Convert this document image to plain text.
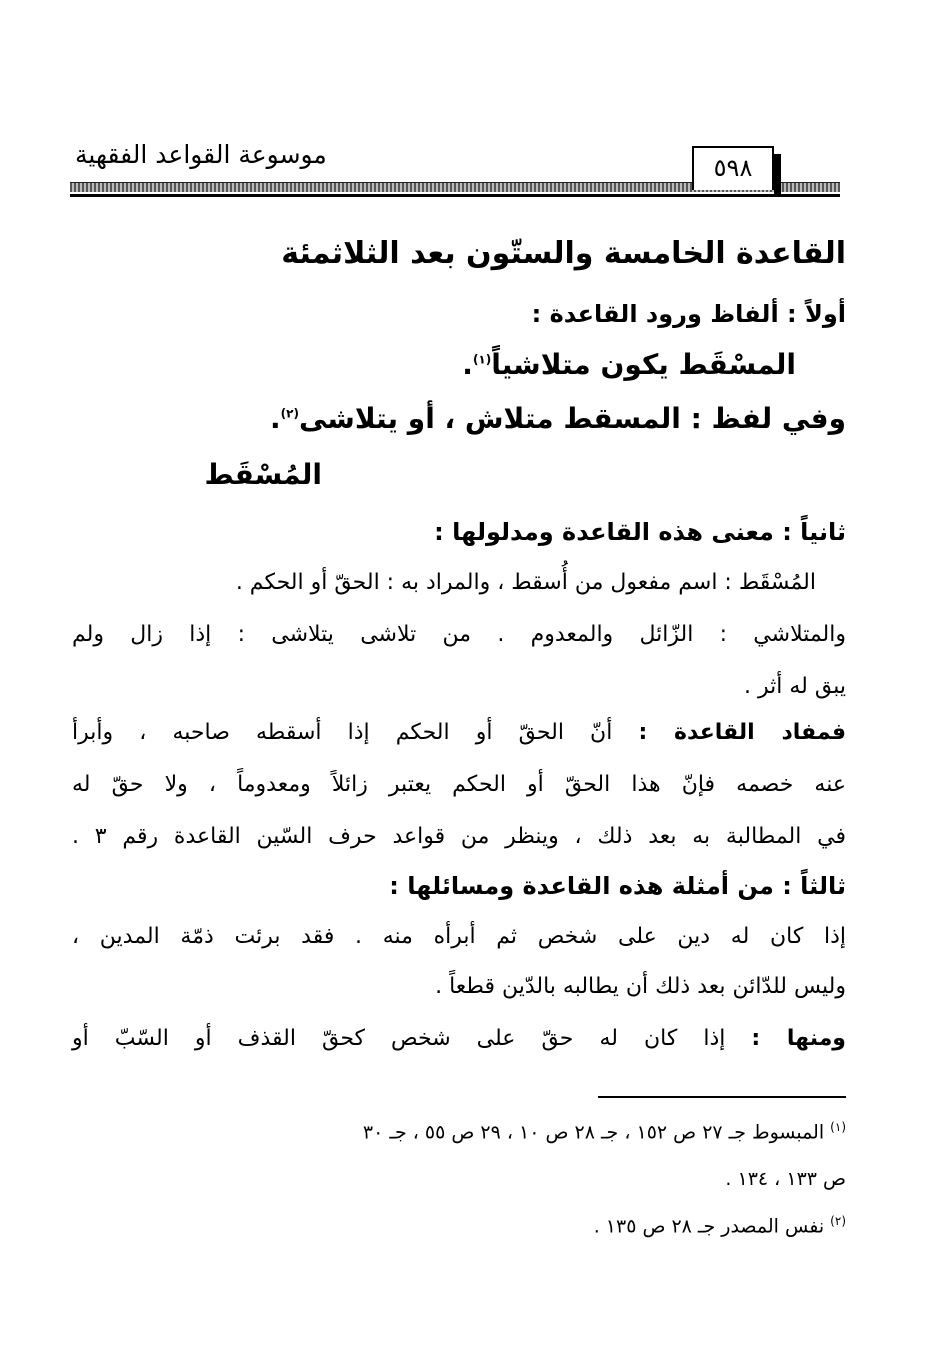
موسوعة القواعد الفقهية	٥٩٨
القاعدة الخامسة والستّون بعد الثلاثمئة
أولاً : ألفاظ ورود القاعدة :
المسْقَط يكون متلاشياً$^{(١)}$.
وفي لفظ : المسقط متلاش ، أو يتلاشى$^{(٢)}$.
المُسْقَط
ثانياً : معنى هذه القاعدة ومدلولها :
المُسْقَط : اسم مفعول من أُسقط ، والمراد به : الحقّ أو الحكم .
والمتلاشي : الزّائل والمعدوم . من تلاشى يتلاشى : إذا زال ولم
يبق له أثر .
فمفاد القاعدة : أنّ الحقّ أو الحكم إذا أسقطه صاحبه ، وأبرأ
عنه خصمه فإنّ هذا الحقّ أو الحكم يعتبر زائلاً ومعدوماً ، ولا حقّ له
في المطالبة به بعد ذلك ، وينظر من قواعد حرف السّين القاعدة رقم ٣ .
ثالثاً : من أمثلة هذه القاعدة ومسائلها :
إذا كان له دين على شخص ثم أبرأه منه . فقد برئت ذمّة المدين ،
وليس للدّائن بعد ذلك أن يطالبه بالدّين قطعاً .
ومنها : إذا كان له حقّ على شخص كحقّ القذف أو السّبّ أو
$^{(١)}$ المبسوط جـ ٢٧ ص ١٥٢ ، جـ ٢٨ ص ١٠ ، ٢٩ ص ٥٥ ، جـ ٣٠
ص ١٣٣ ، ١٣٤ .
$^{(٢)}$ نفس المصدر جـ ٢٨ ص ١٣٥ .
